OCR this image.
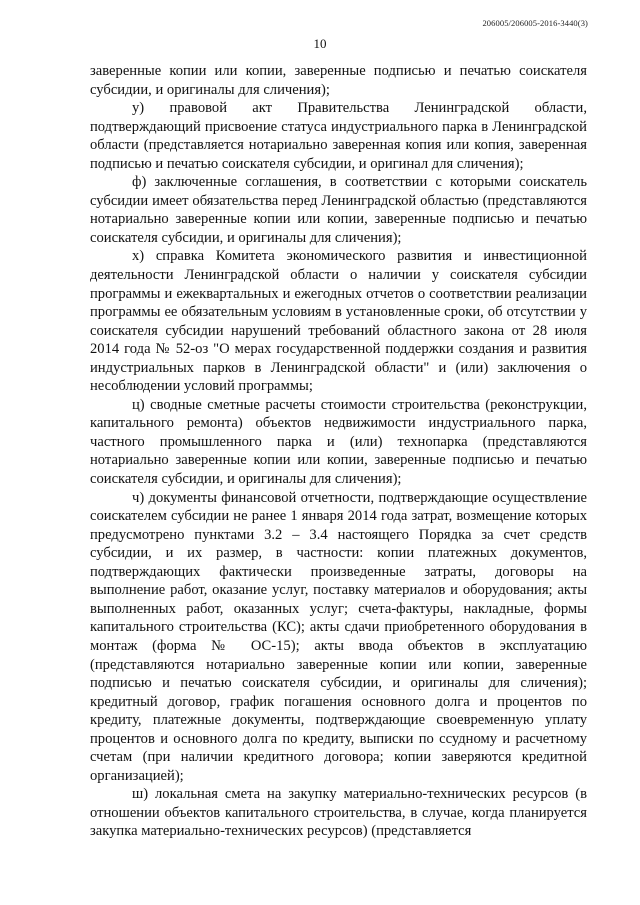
206005/206005-2016-3440(3)
10

заверенные копии или копии, заверенные подписью и печатью соискателя субсидии, и оригиналы для сличения);

у) правовой акт Правительства Ленинградской области, подтверждающий присвоение статуса индустриального парка в Ленинградской области (представляется нотариально заверенная копия или копия, заверенная подписью и печатью соискателя субсидии, и оригинал для сличения);

ф) заключенные соглашения, в соответствии с которыми соискатель субсидии имеет обязательства перед Ленинградской областью (представляются нотариально заверенные копии или копии, заверенные подписью и печатью соискателя субсидии, и оригиналы для сличения);

х) справка Комитета экономического развития и инвестиционной деятельности Ленинградской области о наличии у соискателя субсидии программы и ежеквартальных и ежегодных отчетов о соответствии реализации программы ее обязательным условиям в установленные сроки, об отсутствии у соискателя субсидии нарушений требований областного закона от 28 июля 2014 года № 52-оз "О мерах государственной поддержки создания и развития индустриальных парков в Ленинградской области" и (или) заключения о несоблюдении условий программы;

ц) сводные сметные расчеты стоимости строительства (реконструкции, капитального ремонта) объектов недвижимости индустриального парка, частного промышленного парка и (или) технопарка (представляются нотариально заверенные копии или копии, заверенные подписью и печатью соискателя субсидии, и оригиналы для сличения);

ч) документы финансовой отчетности, подтверждающие осуществление соискателем субсидии не ранее 1 января 2014 года затрат, возмещение которых предусмотрено пунктами 3.2 – 3.4 настоящего Порядка за счет средств субсидии, и их размер, в частности: копии платежных документов, подтверждающих фактически произведенные затраты, договоры на выполнение работ, оказание услуг, поставку материалов и оборудования; акты выполненных работ, оказанных услуг; счета-фактуры, накладные, формы капитального строительства (КС); акты сдачи приобретенного оборудования в монтаж (форма № ОС-15); акты ввода объектов в эксплуатацию (представляются нотариально заверенные копии или копии, заверенные подписью и печатью соискателя субсидии, и оригиналы для сличения); кредитный договор, график погашения основного долга и процентов по кредиту, платежные документы, подтверждающие своевременную уплату процентов и основного долга по кредиту, выписки по ссудному и расчетному счетам (при наличии кредитного договора; копии заверяются кредитной организацией);

ш) локальная смета на закупку материально-технических ресурсов (в отношении объектов капитального строительства, в случае, когда планируется закупка материально-технических ресурсов) (представляется
